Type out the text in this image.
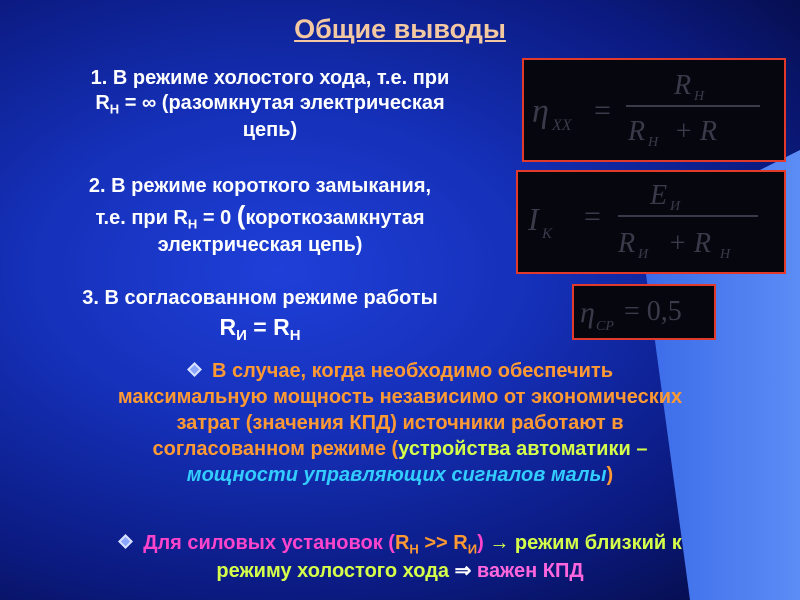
Общие выводы
1. В режиме холостого хода, т.е. при
$R_Н$ = ∞ (разомкнутая электрическая
цепь)	η ХХ =
R Н
R Н + R
2. В режиме короткого замыкания,
т.е. при $R_Н = 0$ (короткозамкнутая
электрическая цепь)
I К
=
E И
R И + R Н
3. В согласованном режиме работы
$R_И = R_Н$
η СР = 0,5
В случае, когда необходимо обеспечить
максимальную мощность независимо от экономических
затрат (значения КПД) источники работают в
согласованном режиме (устройства автоматики –
мощности управляющих сигналов малы)
Для силовых установок $(R_Н >> R_И)$ → режим близкий к
режиму холостого хода ⇒ важен КПД
